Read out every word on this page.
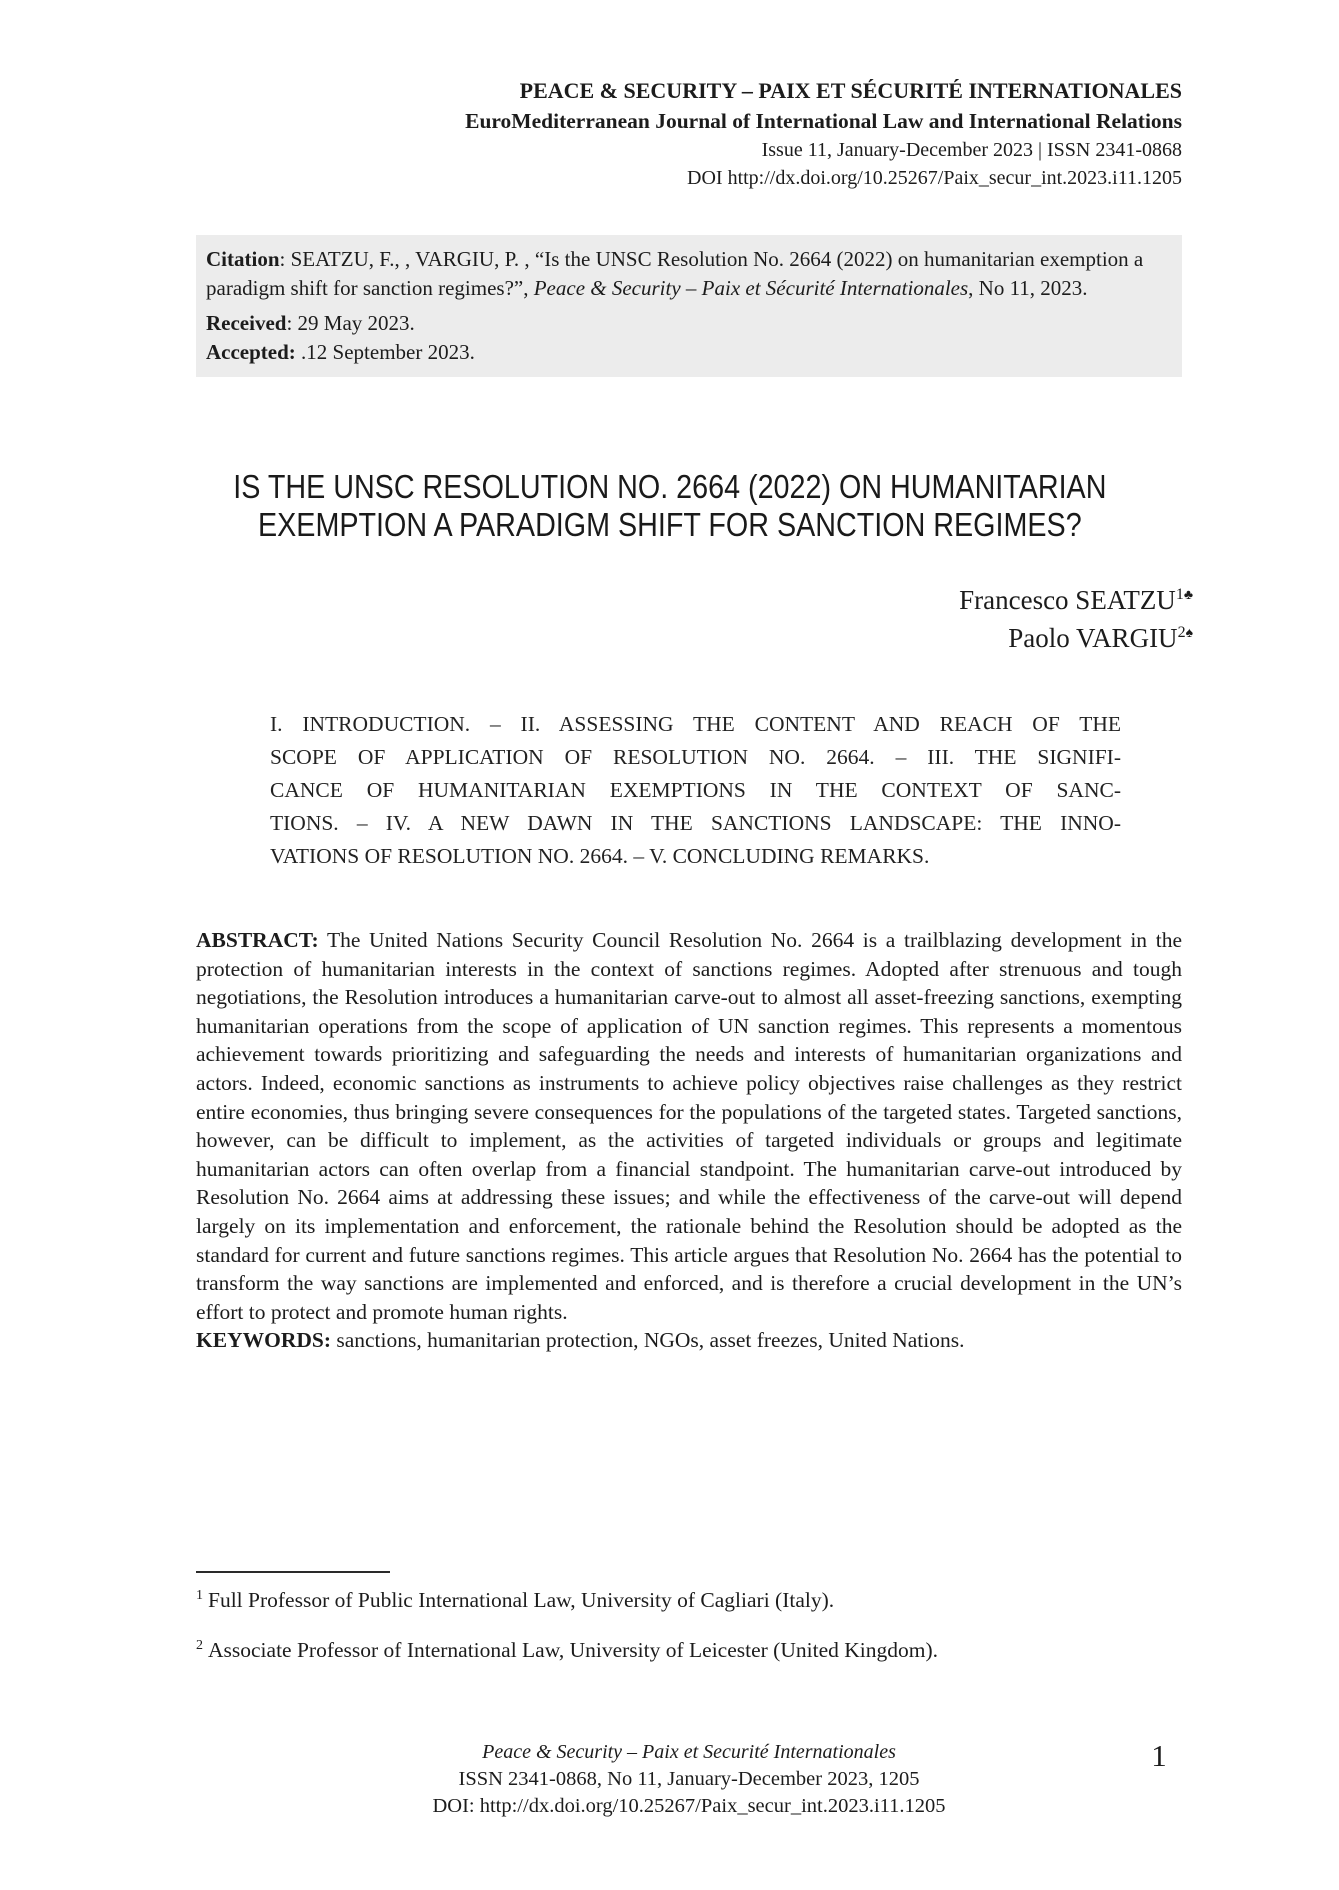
PEACE & SECURITY – PAIX ET SÉCURITÉ INTERNATIONALES
EuroMediterranean Journal of International Law and International Relations
Issue 11, January-December 2023 | ISSN 2341-0868
DOI http://dx.doi.org/10.25267/Paix_secur_int.2023.i11.1205

Citation: SEATZU, F., , VARGIU, P. , “Is the UNSC Resolution No. 2664 (2022) on humanitarian exemption a paradigm shift for sanction regimes?”, Peace & Security – Paix et Sécurité Internationales, No 11, 2023.

Received: 29 May 2023.

Accepted: .12 September 2023.

IS THE UNSC RESOLUTION NO. 2664 (2022) ON HUMANITARIAN
EXEMPTION A PARADIGM SHIFT FOR SANCTION REGIMES?
Francesco $SEATZU^{1♣}$
Paolo $VARGIU^{2♠}$
I. INTRODUCTION. – II. ASSESSING THE CONTENT AND REACH OF THE
SCOPE OF APPLICATION OF RESOLUTION NO. 2664. – III. THE SIGNIFI-
CANCE OF HUMANITARIAN EXEMPTIONS IN THE CONTEXT OF SANC-
TIONS. – IV. A NEW DAWN IN THE SANCTIONS LANDSCAPE: THE INNO-
VATIONS OF RESOLUTION NO. 2664. – V. CONCLUDING REMARKS.

ABSTRACT: The United Nations Security Council Resolution No. 2664 is a trailblazing development in the protection of humanitarian interests in the context of sanctions regimes. Adopted after strenuous and tough negotiations, the Resolution introduces a humanitarian carve-out to almost all asset-freezing sanctions, exempting humanitarian operations from the scope of application of UN sanction regimes. This represents a momentous achievement towards prioritizing and safeguarding the needs and interests of humanitarian organizations and actors. Indeed, economic sanctions as instruments to achieve policy objectives raise challenges as they restrict entire economies, thus bringing severe consequences for the populations of the targeted states. Targeted sanctions, however, can be difficult to implement, as the activities of targeted individuals or groups and legitimate humanitarian actors can often overlap from a financial standpoint. The humanitarian carve-out introduced by Resolution No. 2664 aims at addressing these issues; and while the effectiveness of the carve-out will depend largely on its implementation and enforcement, the rationale behind the Resolution should be adopted as the standard for current and future sanctions regimes. This article argues that Resolution No. 2664 has the potential to transform the way sanctions are implemented and enforced, and is therefore a crucial development in the UN’s effort to protect and promote human rights.

KEYWORDS: sanctions, humanitarian protection, NGOs, asset freezes, United Nations.

$^1$ Full Professor of Public International Law, University of Cagliari (Italy).

$^2$ Associate Professor of International Law, University of Leicester (United Kingdom).

Peace & Security – Paix et Securité Internationales
ISSN 2341-0868, No 11, January-December 2023, 1205
DOI: http://dx.doi.org/10.25267/Paix_secur_int.2023.i11.1205
1
